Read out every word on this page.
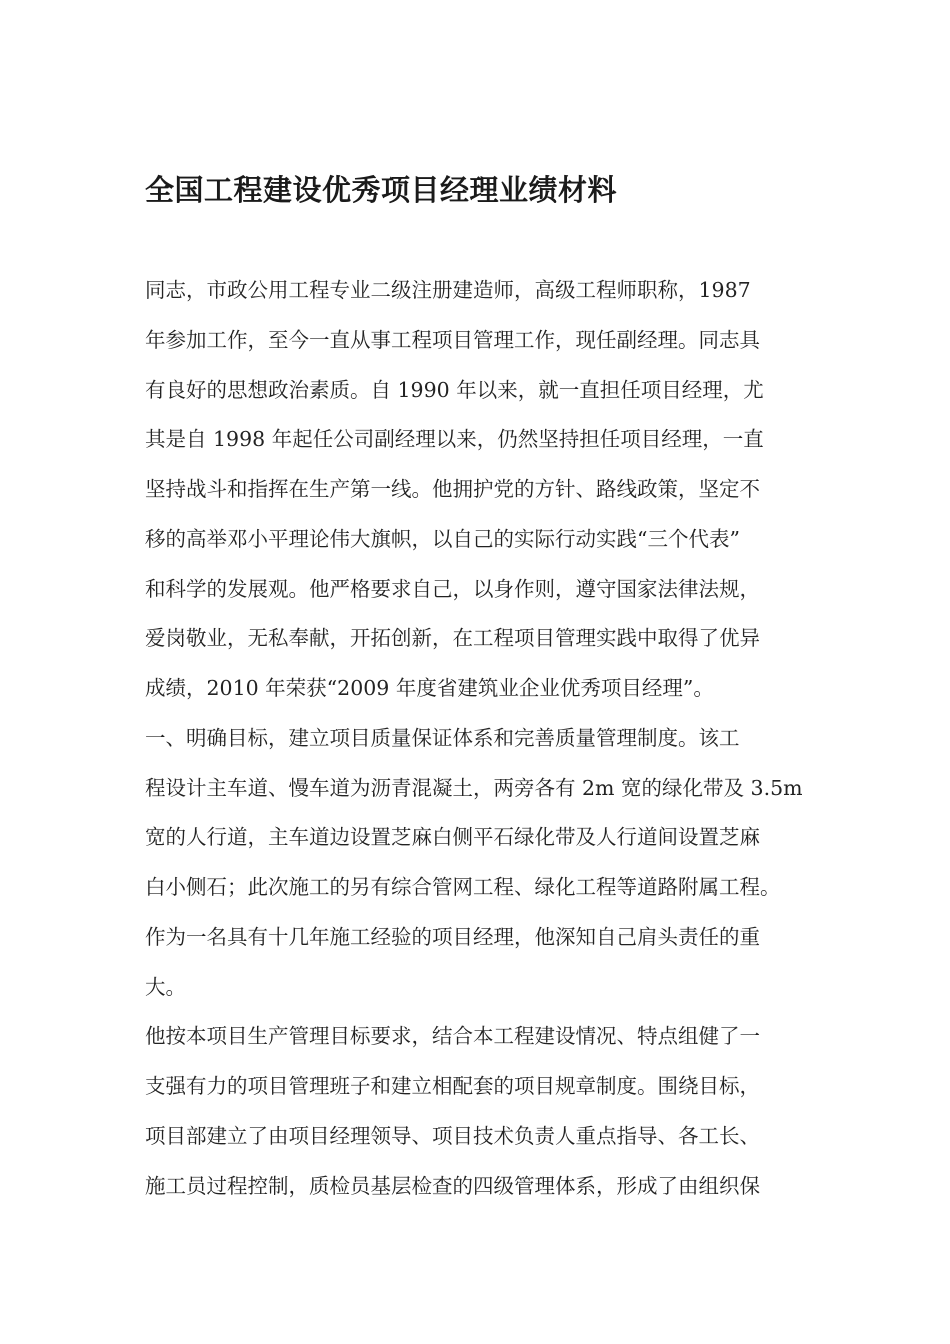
全国工程建设优秀项目经理业绩材料
同志，市政公用工程专业二级注册建造师，高级工程师职称，1987
年参加工作，至今一直从事工程项目管理工作，现任副经理。同志具
有良好的思想政治素质。自 1990 年以来，就一直担任项目经理，尤
其是自 1998 年起任公司副经理以来，仍然坚持担任项目经理，一直
坚持战斗和指挥在生产第一线。他拥护党的方针、路线政策，坚定不
移的高举邓小平理论伟大旗帜，以自己的实际行动实践“三个代表”
和科学的发展观。他严格要求自己，以身作则，遵守国家法律法规，
爱岗敬业，无私奉献，开拓创新，在工程项目管理实践中取得了优异
成绩，2010 年荣获“2009 年度省建筑业企业优秀项目经理”。
一、明确目标，建立项目质量保证体系和完善质量管理制度。该工
程设计主车道、慢车道为沥青混凝土，两旁各有 2m 宽的绿化带及 3.5m
宽的人行道，主车道边设置芝麻白侧平石绿化带及人行道间设置芝麻
白小侧石；此次施工的另有综合管网工程、绿化工程等道路附属工程。
作为一名具有十几年施工经验的项目经理，他深知自己肩头责任的重
大。
他按本项目生产管理目标要求，结合本工程建设情况、特点组健了一
支强有力的项目管理班子和建立相配套的项目规章制度。围绕目标，
项目部建立了由项目经理领导、项目技术负责人重点指导、各工长、
施工员过程控制，质检员基层检查的四级管理体系，形成了由组织保
